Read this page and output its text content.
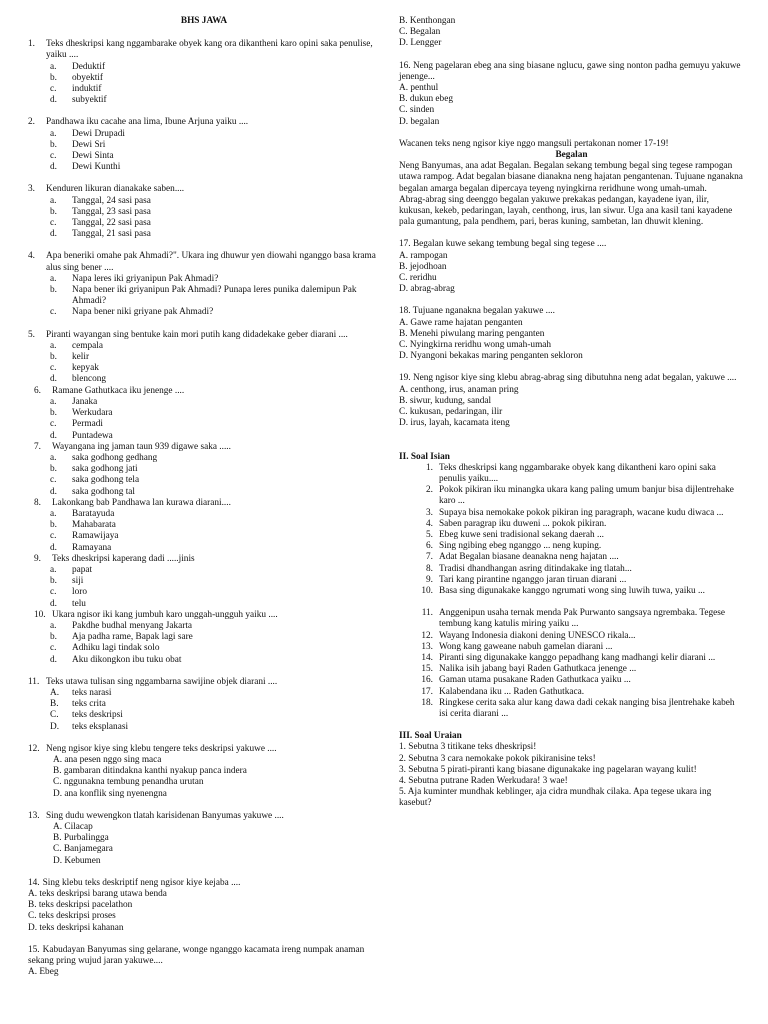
BHS JAWA
1.	Teks dheskripsi kang nggambarake obyek kang ora dikantheni karo opini saka penulise, yaiku ....
a.	Deduktif
b.	obyektif
c.	induktif
d.	subyektif
2.	Pandhawa iku cacahe ana lima, Ibune Arjuna yaiku ....
a.	Dewi Drupadi
b.	Dewi Sri
c.	Dewi Sinta
d.	Dewi Kunthi
3.	Kenduren likuran dianakake saben....
a.	Tanggal, 24 sasi pasa
b.	Tanggal, 23 sasi pasa
c.	Tanggal, 22 sasi pasa
d.	Tanggal, 21 sasi pasa
4.	Apa beneriki omahe pak Ahmadi?". Ukara ing dhuwur yen diowahi nganggo basa krama alus sing bener ....
a.	Napa leres iki griyanipun Pak Ahmadi?
b.	Napa bener iki griyanipun Pak Ahmadi? Punapa leres punika dalemipun Pak Ahmadi?
c.	Napa bener niki griyane pak Ahmadi?
5.	Piranti wayangan sing bentuke kain mori putih kang didadekake geber diarani ....
a.	cempala
b.	kelir
c.	kepyak
d.	blencong
6.	Ramane Gathutkaca iku jenenge ....
a.	Janaka
b.	Werkudara
c.	Permadi
d.	Puntadewa
7.	Wayangana ing jaman taun 939 digawe saka .....
a.	saka godhong gedhang
b.	saka godhong jati
c.	saka godhong tela
d.	saka godhong tal
8.	Lakonkang bab Pandhawa lan kurawa diarani....
a.	Baratayuda
b.	Mahabarata
c.	Ramawijaya
d.	Ramayana
9.	Teks dheskripsi kaperang dadi .....jinis
a.	papat
b.	siji
c.	loro
d.	telu
10. Ukara ngisor iki kang jumbuh karo unggah-ungguh yaiku ....
a.	Pakdhe budhal menyang Jakarta
b.	Aja padha rame, Bapak lagi sare
c.	Adhiku lagi tindak solo
d.	Aku dikongkon ibu tuku obat
11. Teks utawa tulisan sing nggambarna sawijine objek diarani ....
A.	teks narasi
B.	teks crita
C.	teks deskripsi
D.	teks eksplanasi
12. Neng ngisor kiye sing klebu tengere teks deskripsi yakuwe ....
A. ana pesen nggo sing maca
B. gambaran ditindakna kanthi nyakup panca indera
C. nggunakna tembung penandha urutan
D. ana konflik sing nyenengna
13. Sing dudu wewengkon tlatah karisidenan Banyumas yakuwe ....
A. Cilacap
B. Purbalingga
C. Banjamegara
D. Kebumen
14. Sing klebu teks deskriptif neng ngisor kiye kejaba ....
A. teks deskripsi barang utawa benda
B. teks deskripsi pacelathon
C. teks deskripsi proses
D. teks deskripsi kahanan
15. Kabudayan Banyumas sing gelarane, wonge nganggo kacamata ireng numpak anaman sekang pring wujud jaran yakuwe....
A. Ebeg
B. Kenthongan
C. Begalan
D. Lengger
16. Neng pagelaran ebeg ana sing biasane nglucu, gawe sing nonton padha gemuyu yakuwe jenenge...
A. penthul
B. dukun ebeg
C. sinden
D. begalan
Wacanen teks neng ngisor kiye nggo mangsuli pertakonan nomer 17-19!
Begalan
Neng Banyumas, ana adat Begalan. Begalan sekang tembung begal sing tegese rampogan utawa rampog. Adat begalan biasane dianakna neng hajatan pengantenan. Tujuane nganakna begalan amarga begalan dipercaya teyeng nyingkirna reridhune wong umah-umah.
Abrag-abrag sing deenggo begalan yakuwe prekakas pedangan, kayadene iyan, ilir, kukusan, kekeb, pedaringan, layah, centhong, irus, lan siwur. Uga ana kasil tani kayadene pala gumantung, pala pendhem, pari, beras kuning, sambetan, lan dhuwit klening.
17. Begalan kuwe sekang tembung begal sing tegese ....
A. rampogan
B. jejodhoan
C. reridhu
D. abrag-abrag
18. Tujuane nganakna begalan yakuwe ....
A. Gawe rame hajatan penganten
B. Menehi piwulang maring penganten
C. Nyingkirna reridhu wong umah-umah
D. Nyangoni bekakas maring penganten sekloron
19. Neng ngisor kiye sing klebu abrag-abrag sing dibutuhna neng adat begalan, yakuwe ....
A. centhong, irus, anaman pring
B. siwur, kudung, sandal
C. kukusan, pedaringan, ilir
D. irus, layah, kacamata iteng
II. Soal Isian
1. Teks dheskripsi kang nggambarake obyek kang dikantheni karo opini saka penulis yaiku....
2. Pokok pikiran iku minangka ukara kang paling umum banjur bisa dijlentrehake karo ...
3. Supaya bisa nemokake pokok pikiran ing paragraph, wacane kudu diwaca ...
4. Saben paragrap iku duweni ... pokok pikiran.
5. Ebeg kuwe seni tradisional sekang daerah ...
6. Sing ngibing ebeg nganggo ... neng kuping.
7. Adat Begalan biasane deanakna neng hajatan ....
8. Tradisi dhandhangan asring ditindakake ing tlatah...
9. Tari kang pirantine nganggo jaran tiruan diarani ...
10. Basa sing digunakake kanggo ngrumati wong sing luwih tuwa, yaiku ...
11. Anggenipun usaha ternak menda Pak Purwanto sangsaya ngrembaka. Tegese tembung kang katulis miring yaiku ...
12. Wayang Indonesia diakoni dening UNESCO rikala...
13. Wong kang gaweane nabuh gamelan diarani ...
14. Piranti sing digunakake kanggo pepadhang kang madhangi kelir diarani ...
15. Nalika isih jabang bayi Raden Gathutkaca jenenge ...
16. Gaman utama pusakane Raden Gathutkaca yaiku ...
17. Kalabendana iku ... Raden Gathutkaca.
18. Ringkese cerita saka alur kang dawa dadi cekak nanging bisa jlentrehake kabeh isi cerita diarani ...
III. Soal Uraian
1. Sebutna 3 titikane teks dheskripsi!
2. Sebutna 3 cara nemokake pokok pikiranisine teks!
3. Sebutna 5 pirati-piranti kang biasane digunakake ing pagelaran wayang kulit!
4. Sebutna putrane Raden Werkudara! 3 wae!
5. Aja kuminter mundhak keblinger, aja cidra mundhak cilaka. Apa tegese ukara ing kasebut?
